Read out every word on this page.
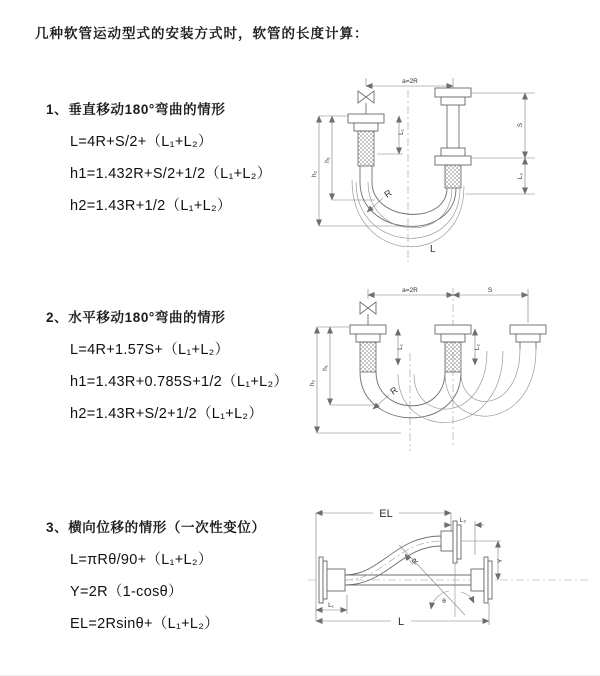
几种软管运动型式的安装方式时，软管的长度计算：

1、垂直移动180°弯曲的情形

L=4R+S/2+（L₁+L₂）

h1=1.432R+S/2+1/2（L₁+L₂）

h2=1.43R+1/2（L₁+L₂）

2、水平移动180°弯曲的情形

L=4R+1.57S+（L₁+L₂）

h1=1.43R+0.785S+1/2（L₁+L₂）

h2=1.43R+S/2+1/2（L₁+L₂）

3、横向位移的情形（一次性变位）

L=πRθ/90+（L₁+L₂）

Y=2R（1-cosθ）

EL=2Rsinθ+（L₁+L₂）

a=2R
L₁
S
L₂
h₁
h₂
R
L
a=2R	S
L₁	L₂
h₁
h₂
R
EL
L₂
R
θ
Y
L₁
L
